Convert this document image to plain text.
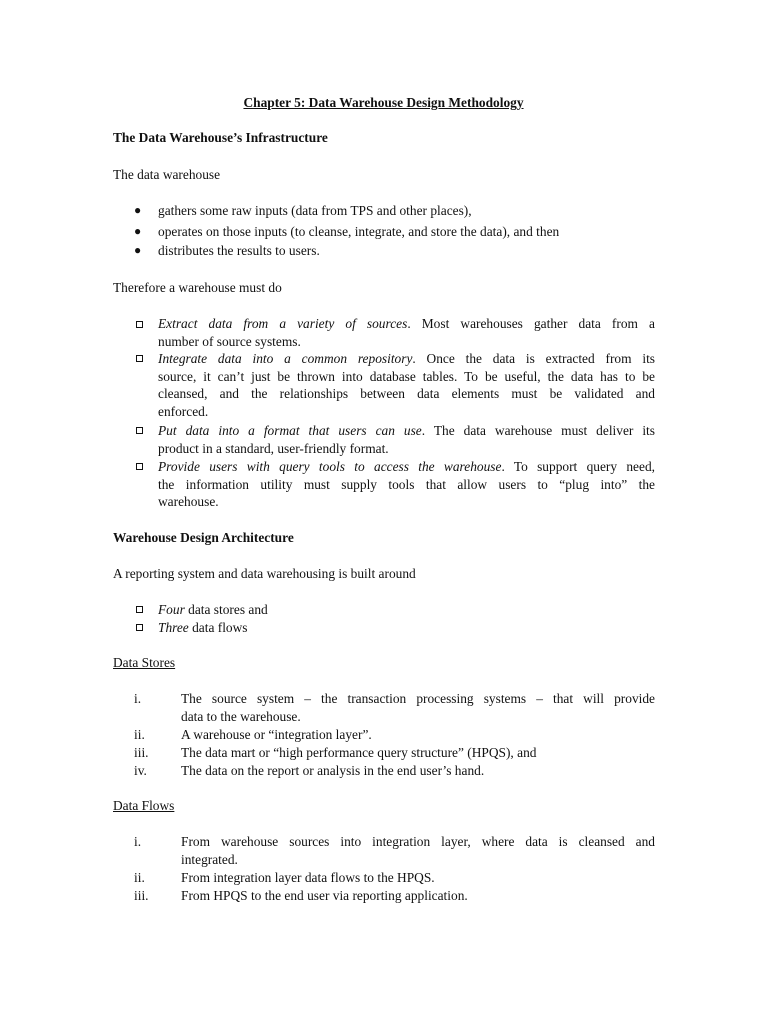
Chapter 5: Data Warehouse Design Methodology
The Data Warehouse’s Infrastructure
The data warehouse
● gathers some raw inputs (data from TPS and other places),
● operates on those inputs (to cleanse, integrate, and store the data), and then
● distributes the results to users.
Therefore a warehouse must do
Extract data from a variety of sources. Most warehouses gather data from a
number of source systems.
Integrate data into a common repository. Once the data is extracted from its
source, it can’t just be thrown into database tables. To be useful, the data has to be
cleansed, and the relationships between data elements must be validated and
enforced.
Put data into a format that users can use. The data warehouse must deliver its
product in a standard, user-friendly format.
Provide users with query tools to access the warehouse. To support query need,
the information utility must supply tools that allow users to “plug into” the
warehouse.
Warehouse Design Architecture
A reporting system and data warehousing is built around
Four data stores and
Three data flows
Data Stores
i.	The source system – the transaction processing systems – that will provide
data to the warehouse.
ii.	A warehouse or “integration layer”.
iii. The data mart or “high performance query structure” (HPQS), and
iv.	The data on the report or analysis in the end user’s hand.
Data Flows
i.	From warehouse sources into integration layer, where data is cleansed and
integrated.
ii.	From integration layer data flows to the HPQS.
iii. From HPQS to the end user via reporting application.
